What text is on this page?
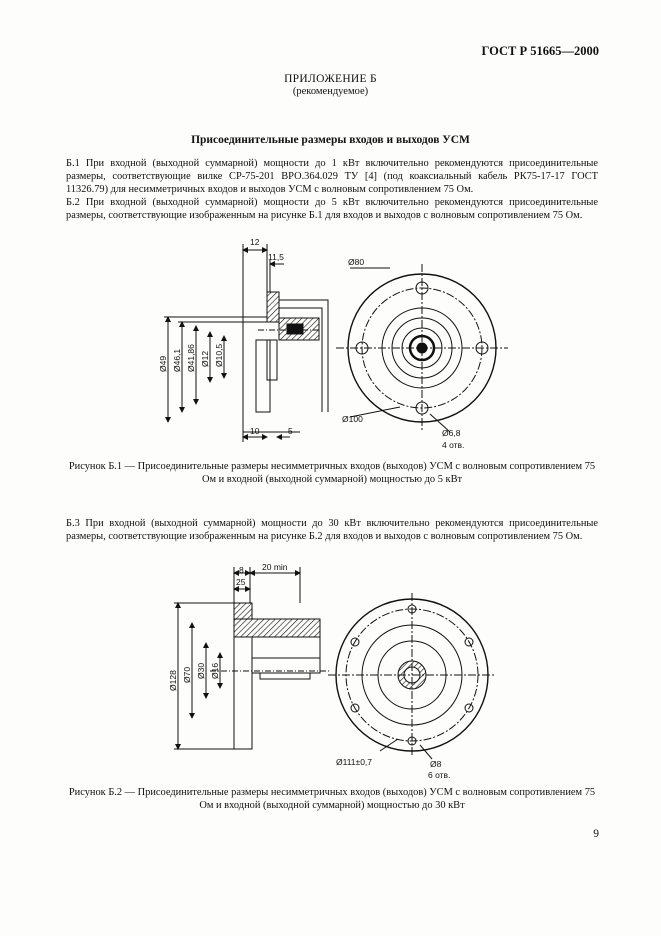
ГОСТ Р 51665—2000
ПРИЛОЖЕНИЕ Б
(рекомендуемое)
Присоединительные размеры входов и выходов УСМ
Б.1 При входной (выходной суммарной) мощности до 1 кВт включительно рекомендуются присоединительные размеры, соответствующие вилке СР-75-201 ВРО.364.029 ТУ [4] (под коаксиальный кабель РК75-17-17 ГОСТ 11326.79) для несимметричных входов и выходов УСМ с волновым сопротивлением 75 Ом.
Б.2 При входной (выходной суммарной) мощности до 5 кВт включительно рекомендуются присоединительные размеры, соответствующие изображенным на рисунке Б.1 для входов и выходов с волновым сопротивлением 75 Ом.
12
11,5
Ø49 Ø46,1 Ø41,86 Ø12 Ø10,5
10	5
Ø80
Ø100
Ø6,8
4 отв.
Рисунок Б.1 — Присоединительные размеры несимметричных входов (выходов) УСМ с волновым сопротивлением 75 Ом и входной (выходной суммарной) мощностью до 5 кВт
Б.3 При входной (выходной суммарной) мощности до 30 кВт включительно рекомендуются присоединительные размеры, соответствующие изображенным на рисунке Б.2 для входов и выходов с волновым сопротивлением 75 Ом.
25
20 min
8
Ø128 Ø70 Ø30 Ø16
Ø111±0,7	Ø8
6 отв.
Рисунок Б.2 — Присоединительные размеры несимметричных входов (выходов) УСМ с волновым сопротивлением 75 Ом и входной (выходной суммарной) мощностью до 30 кВт
9
